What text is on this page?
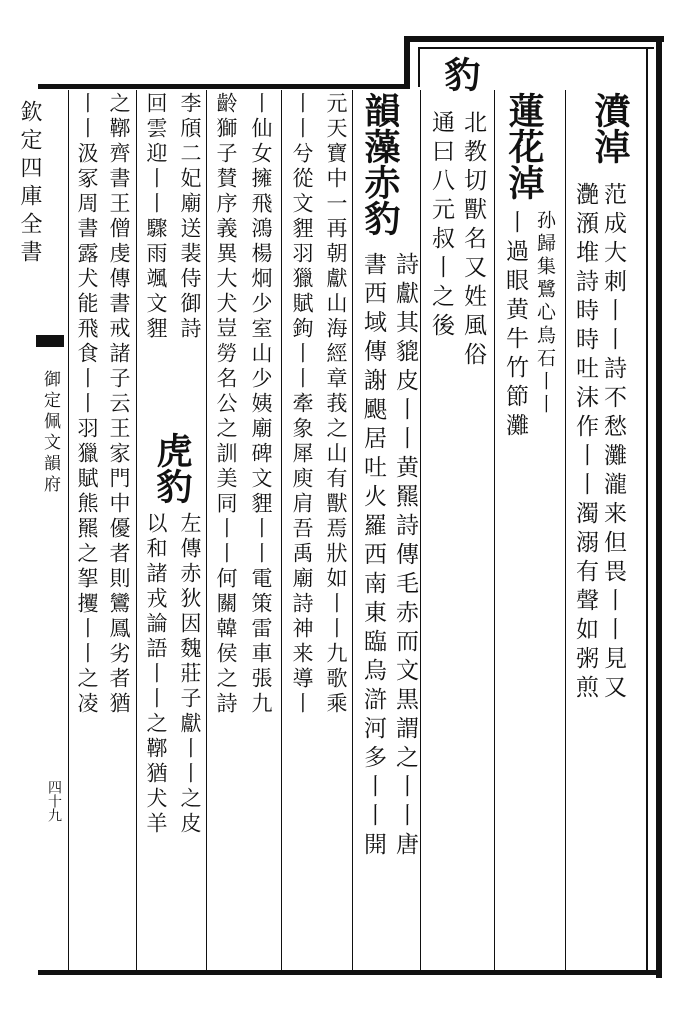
欽定四庫全書
御定佩文韻府
四十九
濆淖
范成大刺丨丨詩不愁灘瀧来但畏丨丨見又
灔澦堆詩時時吐沫作丨丨濁溺有聲如粥煎
蓮花淖
孙歸集鷺心鳥石丨丨
丨過眼黄牛竹節灘
豹
北教切獸名又姓風俗
通曰八元叔丨之後
韻藻赤豹
詩獻其貔皮丨丨黄羆詩傳毛赤而文黒謂之丨丨唐
書西域傳謝颶居吐火羅西南東臨烏滸河多丨丨開
元天寶中一再朝獻山海經章莪之山有獸焉狀如丨丨九歌乘
丨丨兮從文貍羽獵賦鉤丨丨牽象犀庾肩吾禹廟詩神来導丨
丨仙女擁飛鴻楊炯少室山少姨廟碑文貍丨丨電策雷車張九
齡獅子賛序義異大犬豈勞名公之訓美同丨丨何關韓侯之詩
李頎二妃廟送裴侍御詩
回雲迎丨丨驟雨颯文貍
虎豹
左傳赤狄因魏莊子獻丨丨之皮
以和諸戎論語丨丨之鞹猶犬羊
之鞹齊書王僧虔傳書戒諸子云王家門中優者則鸞鳳劣者猶
丨丨汲冢周書露犬能飛食丨丨羽獵賦熊羆之挐攫丨丨之凌
